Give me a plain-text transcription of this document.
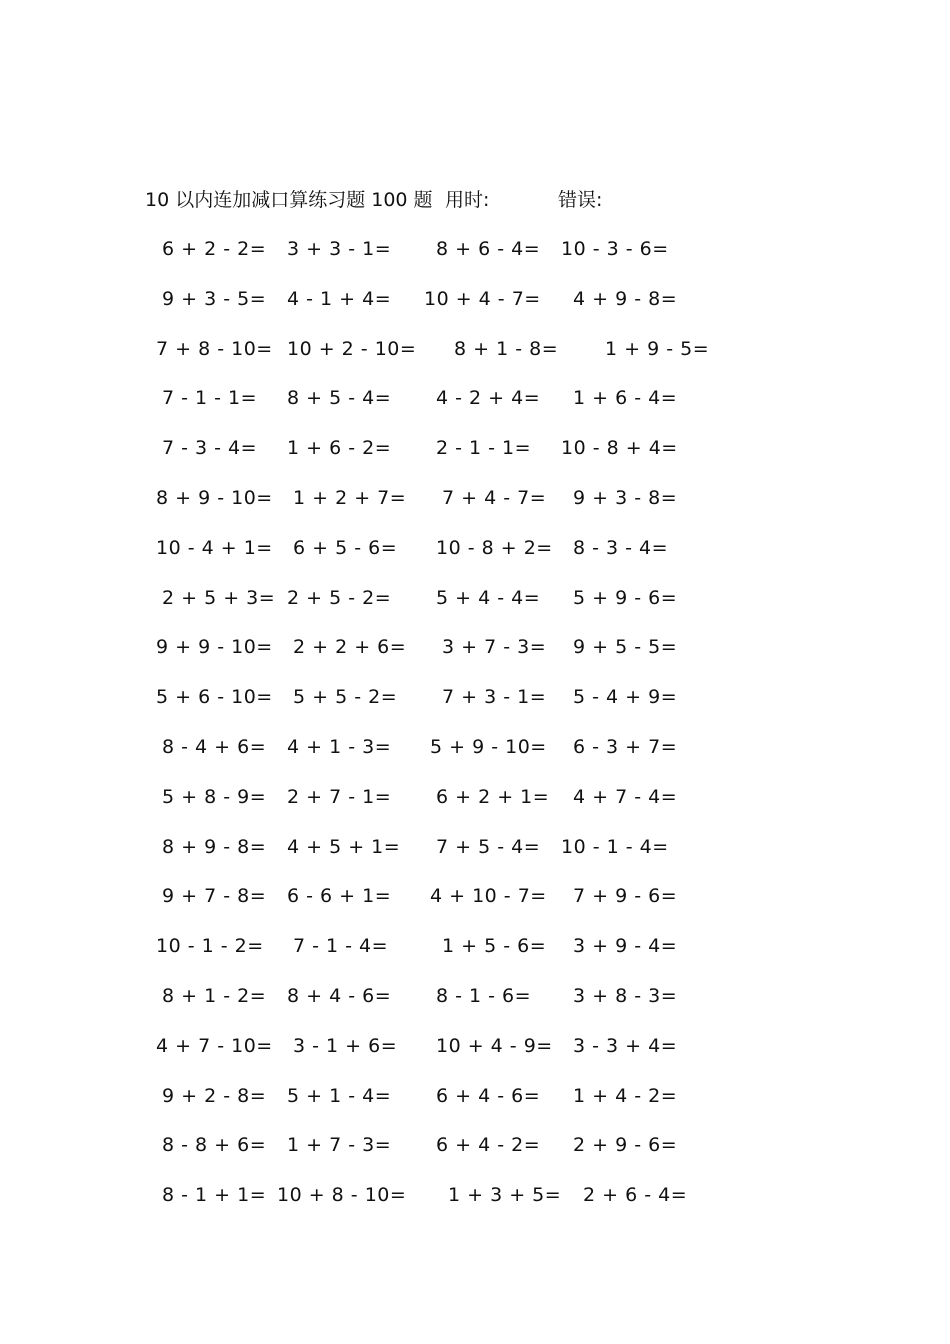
10 以内连加减口算练习题 100 题 用时:	错误:
6 + 2 - 2= 3 + 3 - 1= 8 + 6 - 4= 10 - 3 - 6=
9 + 3 - 5= 4 - 1 + 4= 10 + 4 - 7= 4 + 9 - 8=
7 + 8 - 10= 10 + 2 - 10= 8 + 1 - 8= 1 + 9 - 5=
7 - 1 - 1= 8 + 5 - 4= 4 - 2 + 4= 1 + 6 - 4=
7 - 3 - 4= 1 + 6 - 2= 2 - 1 - 1= 10 - 8 + 4=
8 + 9 - 10= 1 + 2 + 7= 7 + 4 - 7= 9 + 3 - 8=
10 - 4 + 1= 6 + 5 - 6= 10 - 8 + 2= 8 - 3 - 4=
2 + 5 + 3= 2 + 5 - 2= 5 + 4 - 4= 5 + 9 - 6=
9 + 9 - 10= 2 + 2 + 6= 3 + 7 - 3= 9 + 5 - 5=
5 + 6 - 10= 5 + 5 - 2= 7 + 3 - 1= 5 - 4 + 9=
8 - 4 + 6= 4 + 1 - 3= 5 + 9 - 10= 6 - 3 + 7=
5 + 8 - 9= 2 + 7 - 1= 6 + 2 + 1= 4 + 7 - 4=
8 + 9 - 8= 4 + 5 + 1= 7 + 5 - 4= 10 - 1 - 4=
9 + 7 - 8= 6 - 6 + 1= 4 + 10 - 7= 7 + 9 - 6=
10 - 1 - 2= 7 - 1 - 4=	1 + 5 - 6= 3 + 9 - 4=
8 + 1 - 2= 8 + 4 - 6= 8 - 1 - 6= 3 + 8 - 3=
4 + 7 - 10= 3 - 1 + 6= 10 + 4 - 9= 3 - 3 + 4=
9 + 2 - 8= 5 + 1 - 4= 6 + 4 - 6= 1 + 4 - 2=
8 - 8 + 6= 1 + 7 - 3= 6 + 4 - 2= 2 + 9 - 6=
8 - 1 + 1= 10 + 8 - 10= 1 + 3 + 5= 2 + 6 - 4=
